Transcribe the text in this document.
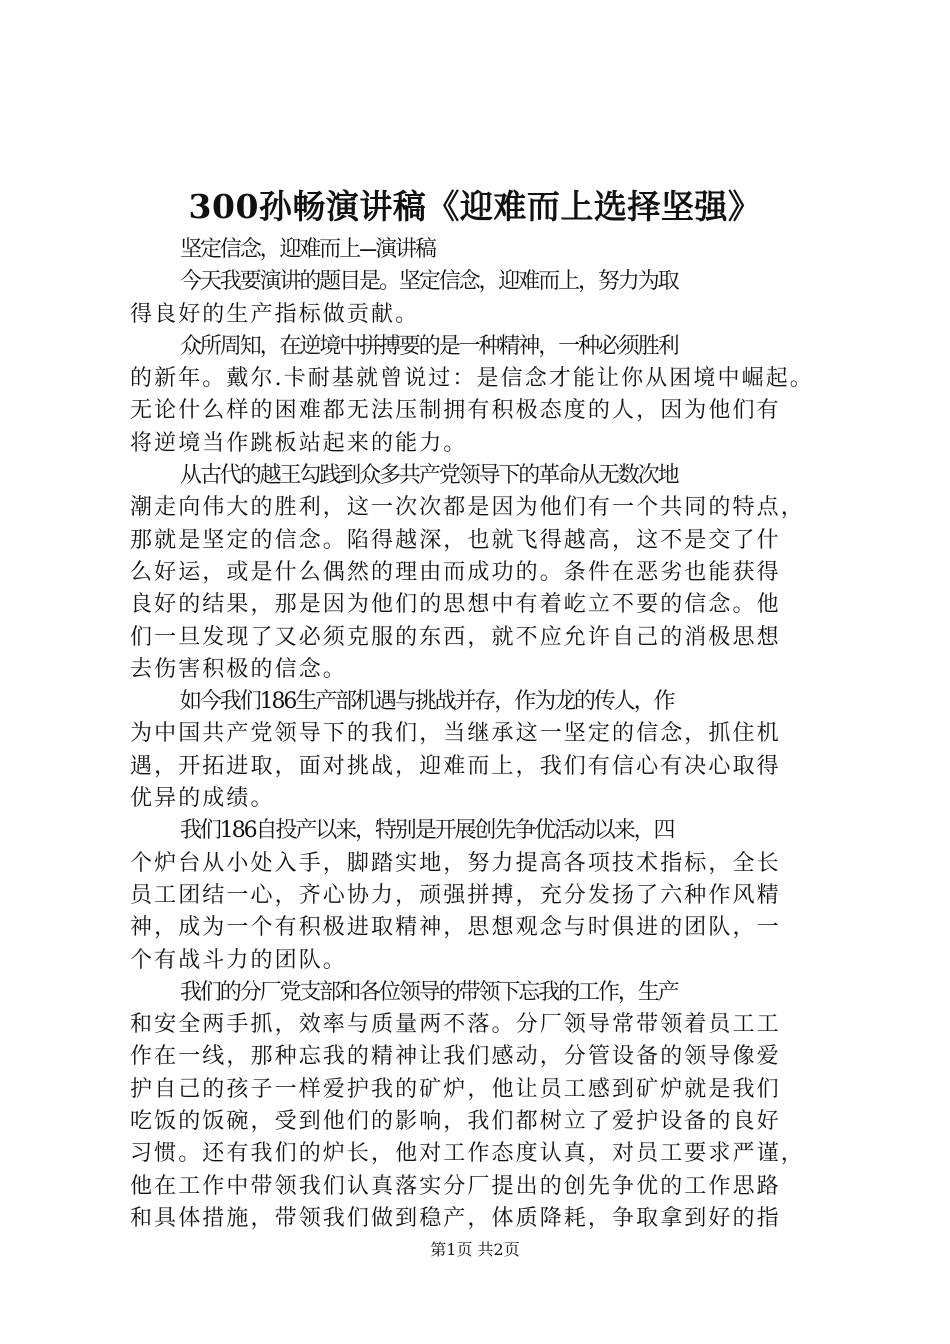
300孙畅演讲稿《迎难而上选择坚强》
坚定信念，迎难而上---演讲稿
今天我要演讲的题目是。坚定信念，迎难而上，努力为取
得良好的生产指标做贡献。
众所周知，在逆境中拼搏要的是一种精神，一种必须胜利
的新年。戴尔.卡耐基就曾说过：是信念才能让你从困境中崛起。
无论什么样的困难都无法压制拥有积极态度的人，因为他们有
将逆境当作跳板站起来的能力。
从古代的越王勾践到众多共产党领导下的革命从无数次地
潮走向伟大的胜利，这一次次都是因为他们有一个共同的特点，
那就是坚定的信念。陷得越深，也就飞得越高，这不是交了什
么好运，或是什么偶然的理由而成功的。条件在恶劣也能获得
良好的结果，那是因为他们的思想中有着屹立不要的信念。他
们一旦发现了又必须克服的东西，就不应允许自己的消极思想
去伤害积极的信念。
如今我们186生产部机遇与挑战并存，作为龙的传人，作
为中国共产党领导下的我们，当继承这一坚定的信念，抓住机
遇，开拓进取，面对挑战，迎难而上，我们有信心有决心取得
优异的成绩。
我们186自投产以来，特别是开展创先争优活动以来，四
个炉台从小处入手，脚踏实地，努力提高各项技术指标，全长
员工团结一心，齐心协力，顽强拼搏，充分发扬了六种作风精
神，成为一个有积极进取精神，思想观念与时俱进的团队，一
个有战斗力的团队。
我们的分厂党支部和各位领导的带领下忘我的工作，生产
和安全两手抓，效率与质量两不落。分厂领导常带领着员工工
作在一线，那种忘我的精神让我们感动，分管设备的领导像爱
护自己的孩子一样爱护我的矿炉，他让员工感到矿炉就是我们
吃饭的饭碗，受到他们的影响，我们都树立了爱护设备的良好
习惯。还有我们的炉长，他对工作态度认真，对员工要求严谨，
他在工作中带领我们认真落实分厂提出的创先争优的工作思路
和具体措施，带领我们做到稳产，体质降耗，争取拿到好的指
第1页 共2页
